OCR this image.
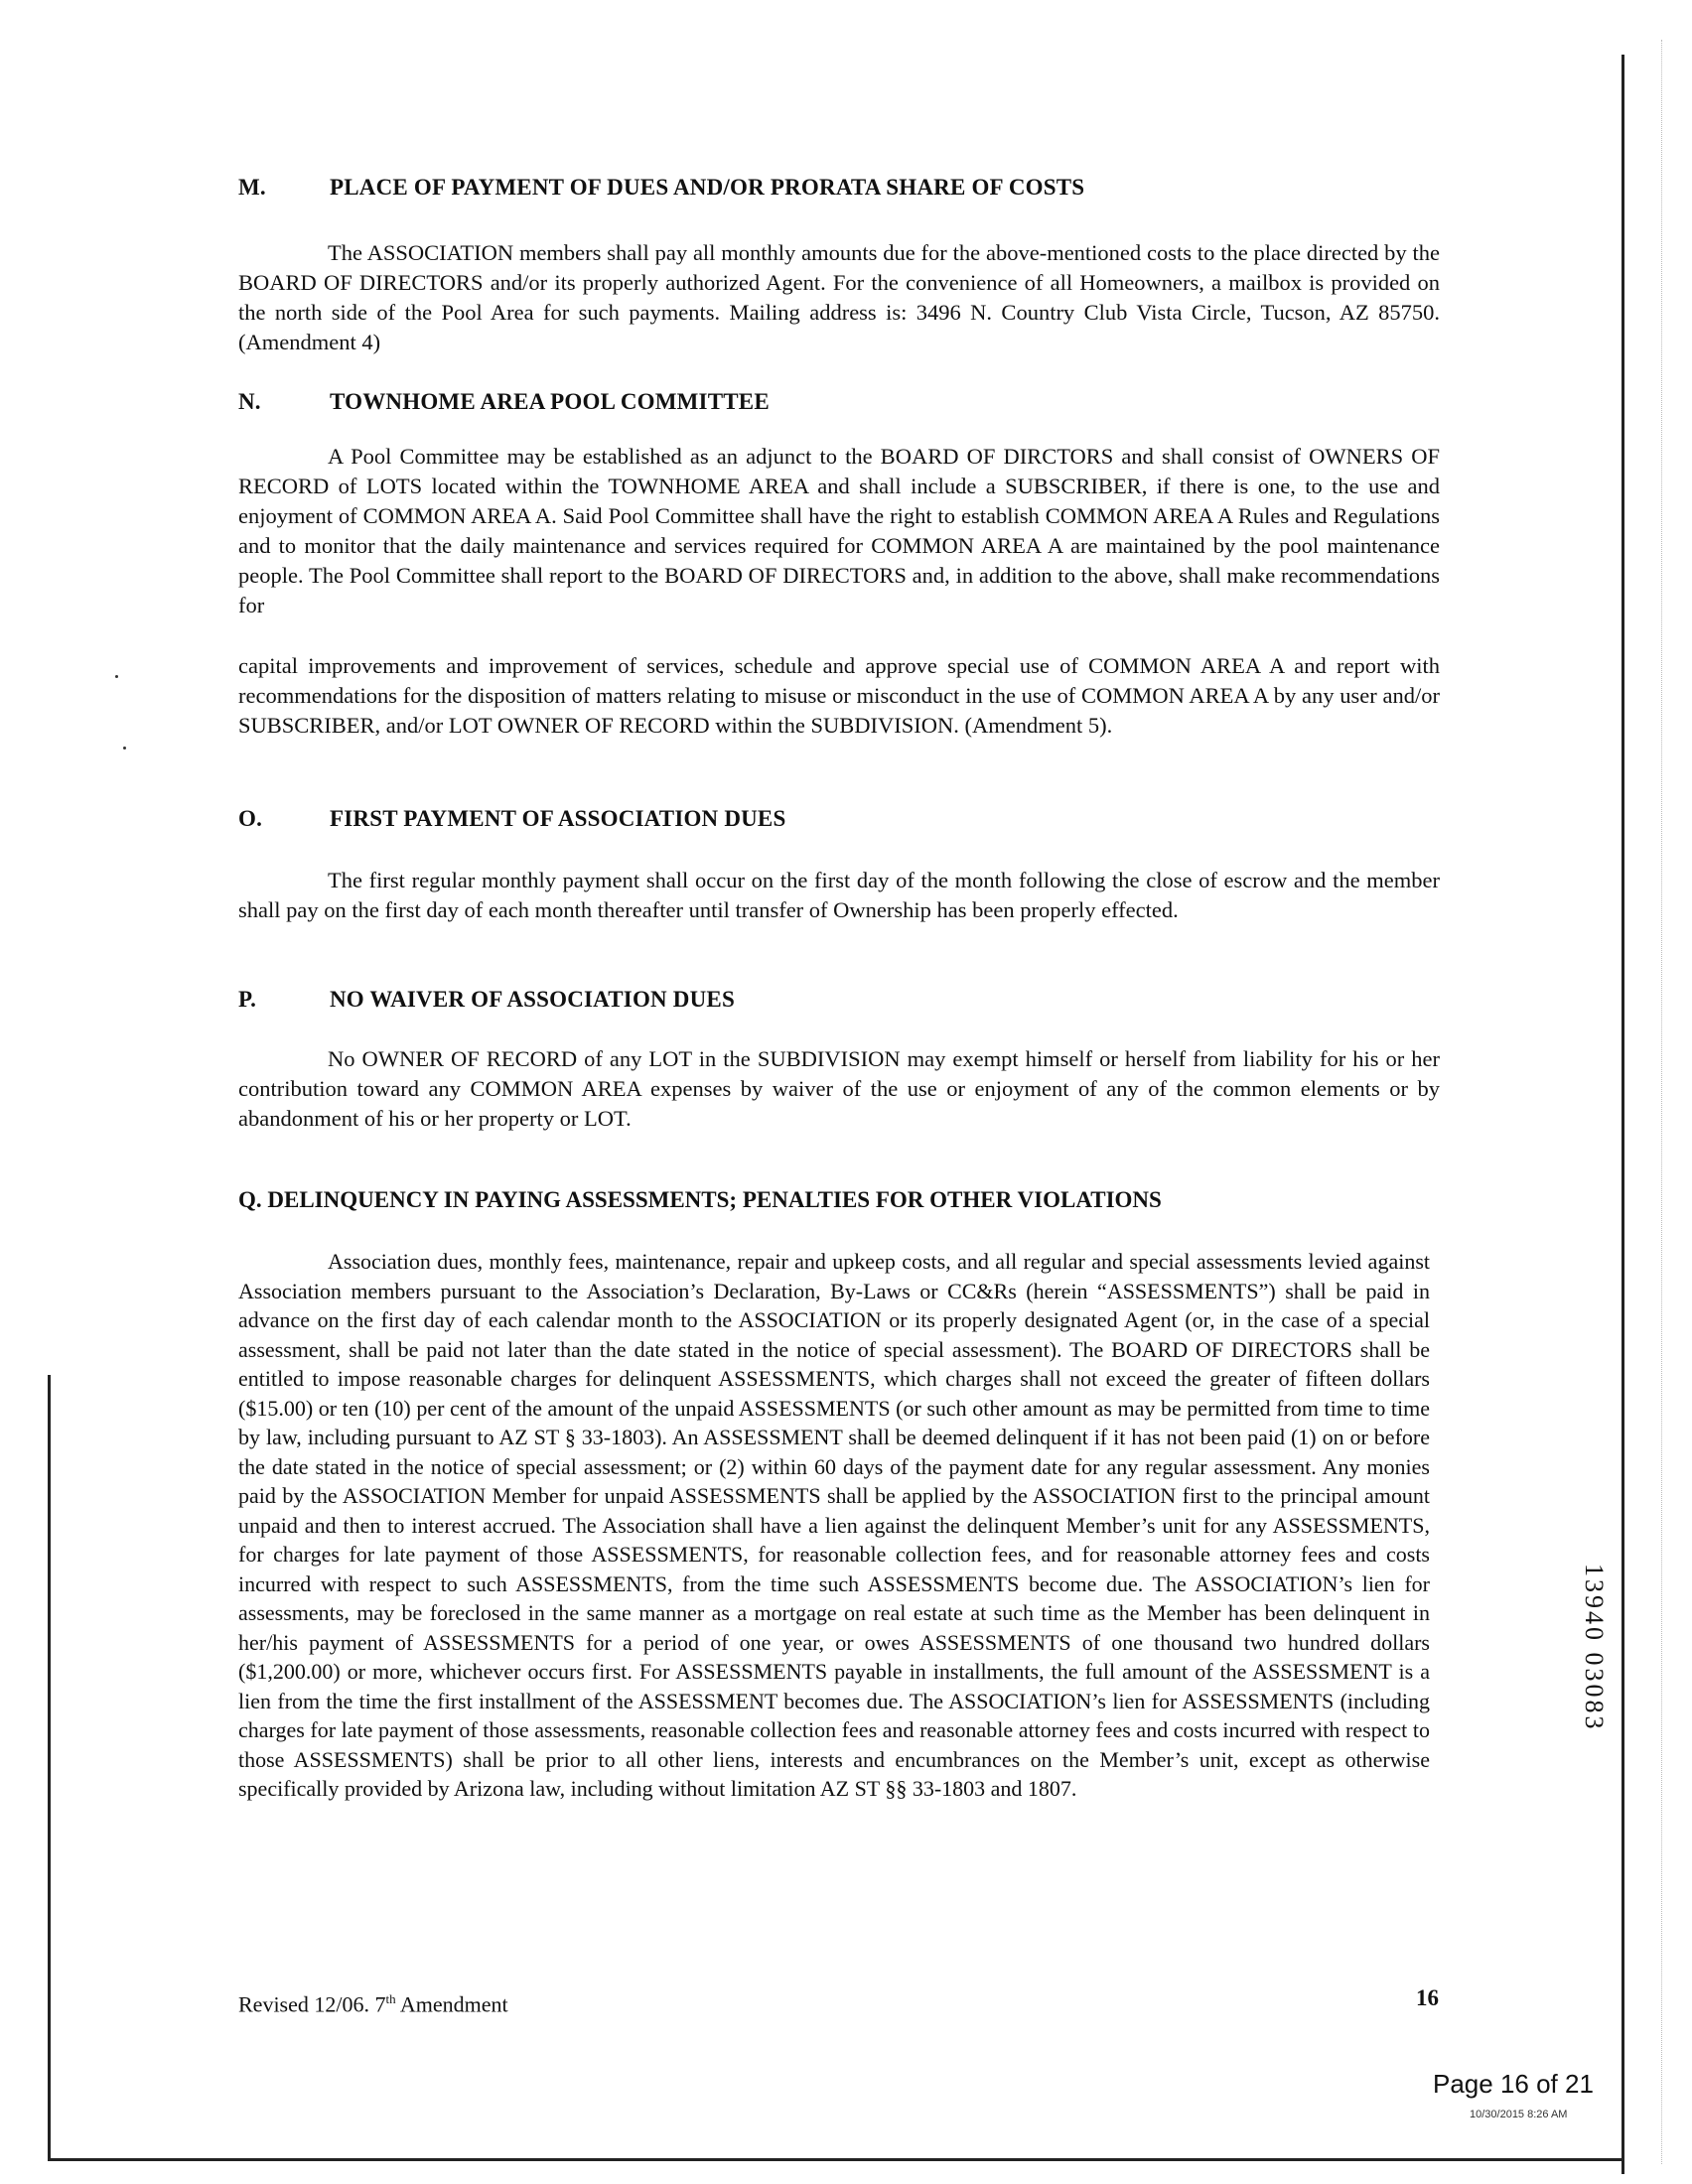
M.	PLACE OF PAYMENT OF DUES AND/OR PRORATA SHARE OF COSTS
The ASSOCIATION members shall pay all monthly amounts due for the above-mentioned costs to the place directed by the BOARD OF DIRECTORS and/or its properly authorized Agent. For the convenience of all Homeowners, a mailbox is provided on the north side of the Pool Area for such payments. Mailing address is: 3496 N. Country Club Vista Circle, Tucson, AZ 85750. (Amendment 4)
N.	TOWNHOME AREA POOL COMMITTEE
A Pool Committee may be established as an adjunct to the BOARD OF DIRCTORS and shall consist of OWNERS OF RECORD of LOTS located within the TOWNHOME AREA and shall include a SUBSCRIBER, if there is one, to the use and enjoyment of COMMON AREA A. Said Pool Committee shall have the right to establish COMMON AREA A Rules and Regulations and to monitor that the daily maintenance and services required for COMMON AREA A are maintained by the pool maintenance people. The Pool Committee shall report to the BOARD OF DIRECTORS and, in addition to the above, shall make recommendations for
capital improvements and improvement of services, schedule and approve special use of COMMON AREA A and report with recommendations for the disposition of matters relating to misuse or misconduct in the use of COMMON AREA A by any user and/or SUBSCRIBER, and/or LOT OWNER OF RECORD within the SUBDIVISION. (Amendment 5).
O.	FIRST PAYMENT OF ASSOCIATION DUES
The first regular monthly payment shall occur on the first day of the month following the close of escrow and the member shall pay on the first day of each month thereafter until transfer of Ownership has been properly effected.
P.	NO WAIVER OF ASSOCIATION DUES
No OWNER OF RECORD of any LOT in the SUBDIVISION may exempt himself or herself from liability for his or her contribution toward any COMMON AREA expenses by waiver of the use or enjoyment of any of the common elements or by abandonment of his or her property or LOT.
Q. DELINQUENCY IN PAYING ASSESSMENTS; PENALTIES FOR OTHER VIOLATIONS
Association dues, monthly fees, maintenance, repair and upkeep costs, and all regular and special assessments levied against Association members pursuant to the Association’s Declaration, By-Laws or CC&Rs (herein “ASSESSMENTS”) shall be paid in advance on the first day of each calendar month to the ASSOCIATION or its properly designated Agent (or, in the case of a special assessment, shall be paid not later than the date stated in the notice of special assessment). The BOARD OF DIRECTORS shall be entitled to impose reasonable charges for delinquent ASSESSMENTS, which charges shall not exceed the greater of fifteen dollars ($15.00) or ten (10) per cent of the amount of the unpaid ASSESSMENTS (or such other amount as may be permitted from time to time by law, including pursuant to AZ ST § 33-1803). An ASSESSMENT shall be deemed delinquent if it has not been paid (1) on or before the date stated in the notice of special assessment; or (2) within 60 days of the payment date for any regular assessment. Any monies paid by the ASSOCIATION Member for unpaid ASSESSMENTS shall be applied by the ASSOCIATION first to the principal amount unpaid and then to interest accrued. The Association shall have a lien against the delinquent Member’s unit for any ASSESSMENTS, for charges for late payment of those ASSESSMENTS, for reasonable collection fees, and for reasonable attorney fees and costs incurred with respect to such ASSESSMENTS, from the time such ASSESSMENTS become due. The ASSOCIATION’s lien for assessments, may be foreclosed in the same manner as a mortgage on real estate at such time as the Member has been delinquent in her/his payment of ASSESSMENTS for a period of one year, or owes ASSESSMENTS of one thousand two hundred dollars ($1,200.00) or more, whichever occurs first. For ASSESSMENTS payable in installments, the full amount of the ASSESSMENT is a lien from the time the first installment of the ASSESSMENT becomes due. The ASSOCIATION’s lien for ASSESSMENTS (including charges for late payment of those assessments, reasonable collection fees and reasonable attorney fees and costs incurred with respect to those ASSESSMENTS) shall be prior to all other liens, interests and encumbrances on the Member’s unit, except as otherwise specifically provided by Arizona law, including without limitation AZ ST §§ 33-1803 and 1807.
Revised 12/06. 7th Amendment	16
Page 16 of 21
10/30/2015 8:26 AM
13940 03083
